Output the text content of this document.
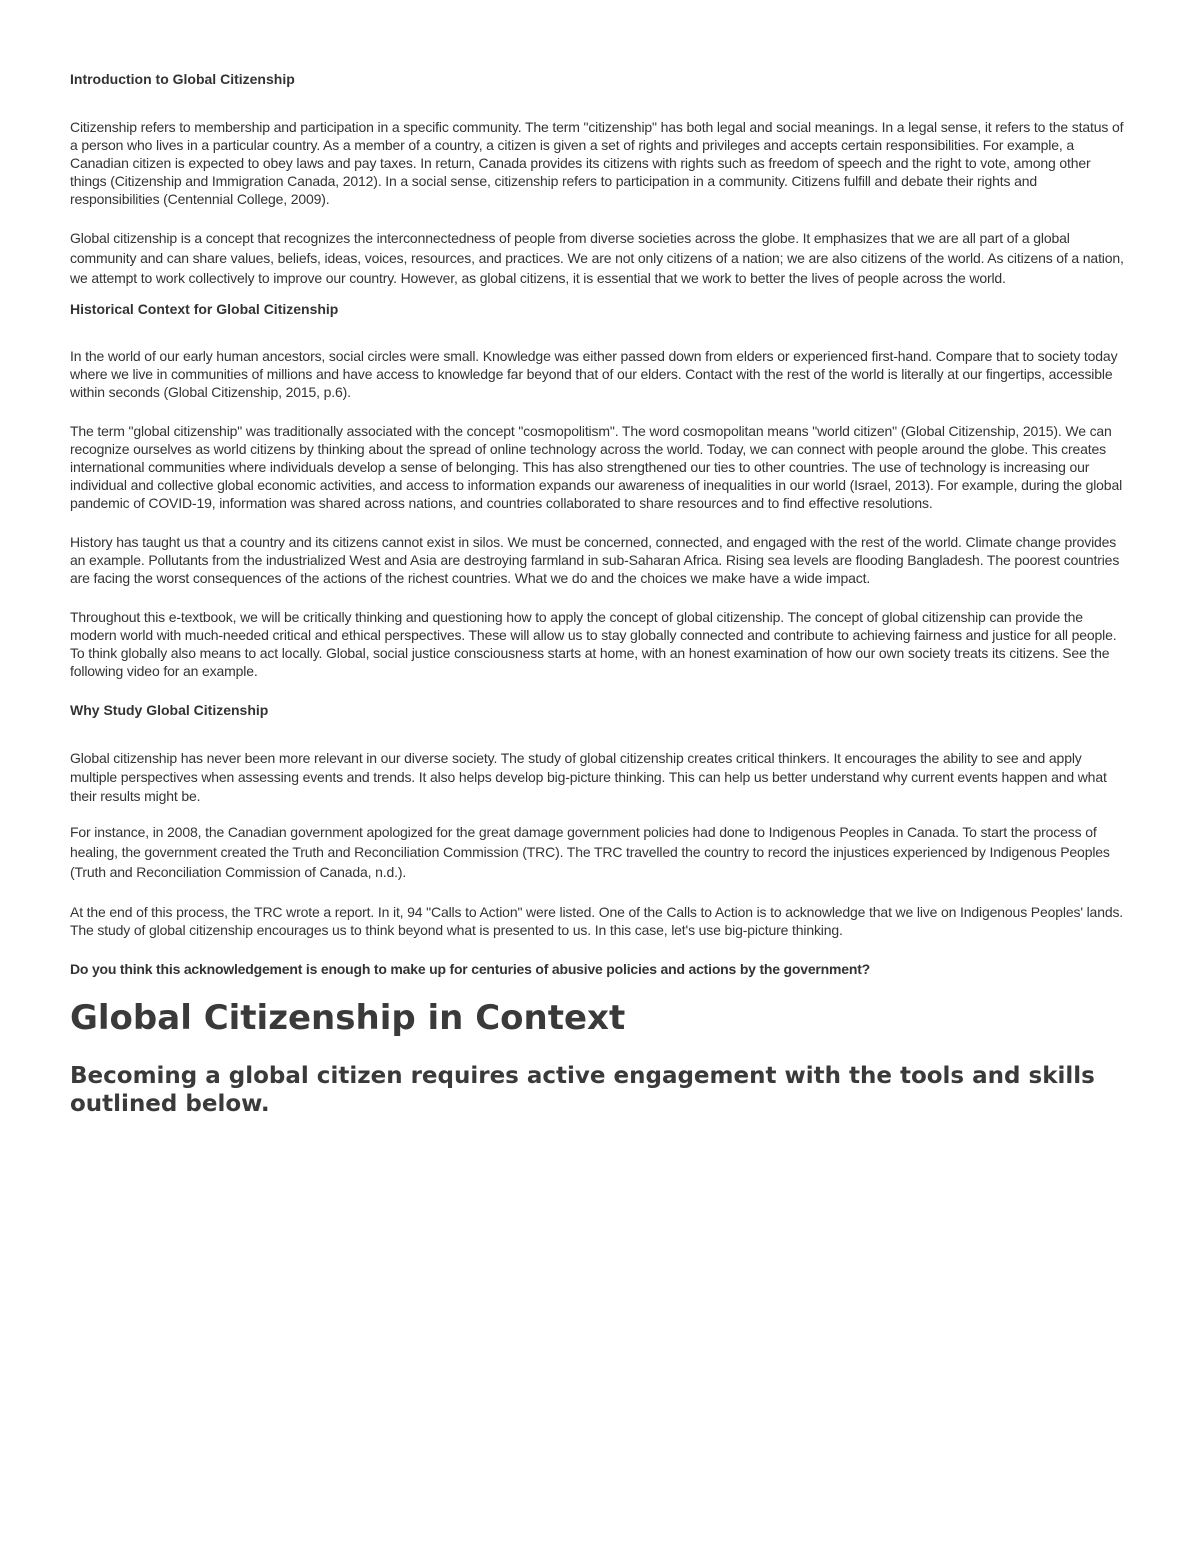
Introduction to Global Citizenship

Citizenship refers to membership and participation in a specific community. The term "citizenship" has both legal and social meanings. In a legal sense, it refers to the status of a person who lives in a particular country. As a member of a country, a citizen is given a set of rights and privileges and accepts certain responsibilities. For example, a Canadian citizen is expected to obey laws and pay taxes. In return, Canada provides its citizens with rights such as freedom of speech and the right to vote, among other things (Citizenship and Immigration Canada, 2012). In a social sense, citizenship refers to participation in a community. Citizens fulfill and debate their rights and responsibilities (Centennial College, 2009).

Global citizenship is a concept that recognizes the interconnectedness of people from diverse societies across the globe. It emphasizes that we are all part of a global community and can share values, beliefs, ideas, voices, resources, and practices. We are not only citizens of a nation; we are also citizens of the world. As citizens of a nation, we attempt to work collectively to improve our country. However, as global citizens, it is essential that we work to better the lives of people across the world.

Historical Context for Global Citizenship

In the world of our early human ancestors, social circles were small. Knowledge was either passed down from elders or experienced first-hand. Compare that to society today where we live in communities of millions and have access to knowledge far beyond that of our elders. Contact with the rest of the world is literally at our fingertips, accessible within seconds (Global Citizenship, 2015, p.6).

The term "global citizenship" was traditionally associated with the concept "cosmopolitism". The word cosmopolitan means "world citizen" (Global Citizenship, 2015). We can recognize ourselves as world citizens by thinking about the spread of online technology across the world. Today, we can connect with people around the globe. This creates international communities where individuals develop a sense of belonging. This has also strengthened our ties to other countries. The use of technology is increasing our individual and collective global economic activities, and access to information expands our awareness of inequalities in our world (Israel, 2013). For example, during the global pandemic of COVID-19, information was shared across nations, and countries collaborated to share resources and to find effective resolutions.

History has taught us that a country and its citizens cannot exist in silos. We must be concerned, connected, and engaged with the rest of the world. Climate change provides an example. Pollutants from the industrialized West and Asia are destroying farmland in sub-Saharan Africa. Rising sea levels are flooding Bangladesh. The poorest countries are facing the worst consequences of the actions of the richest countries. What we do and the choices we make have a wide impact.

Throughout this e-textbook, we will be critically thinking and questioning how to apply the concept of global citizenship. The concept of global citizenship can provide the modern world with much-needed critical and ethical perspectives. These will allow us to stay globally connected and contribute to achieving fairness and justice for all people. To think globally also means to act locally. Global, social justice consciousness starts at home, with an honest examination of how our own society treats its citizens. See the following video for an example.

Why Study Global Citizenship

Global citizenship has never been more relevant in our diverse society. The study of global citizenship creates critical thinkers. It encourages the ability to see and apply multiple perspectives when assessing events and trends. It also helps develop big-picture thinking. This can help us better understand why current events happen and what their results might be.

For instance, in 2008, the Canadian government apologized for the great damage government policies had done to Indigenous Peoples in Canada. To start the process of healing, the government created the Truth and Reconciliation Commission (TRC). The TRC travelled the country to record the injustices experienced by Indigenous Peoples (Truth and Reconciliation Commission of Canada, n.d.).

At the end of this process, the TRC wrote a report. In it, 94 "Calls to Action" were listed. One of the Calls to Action is to acknowledge that we live on Indigenous Peoples' lands. The study of global citizenship encourages us to think beyond what is presented to us. In this case, let's use big-picture thinking.

Do you think this acknowledgement is enough to make up for centuries of abusive policies and actions by the government?

Global Citizenship in Context
Becoming a global citizen requires active engagement with the tools and skills outlined below.
